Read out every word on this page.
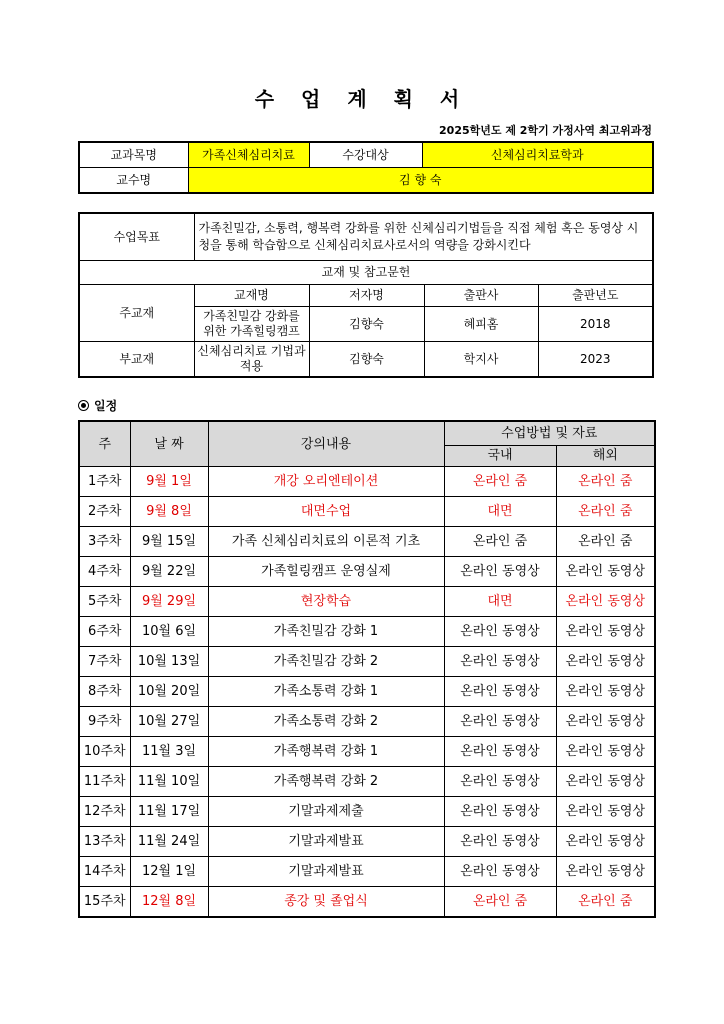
수 업 계 획 서
2025학년도 제 2학기 가정사역 최고위과정
교과목명	가족신체심리치료	수강대상	신체심리치료학과
교수명	김 향 숙		
수업목표	가족친밀감, 소통력, 행복력 강화를 위한 신체심리기법들을 직접 체험 혹은 동영상 시청을 통해 학습함으로 신체심리치료사로서의 역량을 강화시킨다			
교재 및 참고문헌				
주교재	교재명	저자명	출판사	출판년도
	가족친밀감 강화를 위한 가족힐링캠프	김향숙	혜피홈	2018
부교재	신체심리치료 기법과 적용	김향숙	학지사	2023
일정
주	날 짜	강의내용	수업방법 및 자료	
			국내	해외
1주차	9월 1일	개강 오리엔테이션	온라인 줌	온라인 줌
2주차	9월 8일	대면수업	대면	온라인 줌
3주차	9월 15일	가족 신체심리치료의 이론적 기초	온라인 줌	온라인 줌
4주차	9월 22일	가족힐링캠프 운영실제	온라인 동영상	온라인 동영상
5주차	9월 29일	현장학습	대면	온라인 동영상
6주차	10월 6일	가족친밀감 강화 1	온라인 동영상	온라인 동영상
7주차	10월 13일	가족친밀감 강화 2	온라인 동영상	온라인 동영상
8주차	10월 20일	가족소통력 강화 1	온라인 동영상	온라인 동영상
9주차	10월 27일	가족소통력 강화 2	온라인 동영상	온라인 동영상
10주차	11월 3일	가족행복력 강화 1	온라인 동영상	온라인 동영상
11주차	11월 10일	가족행복력 강화 2	온라인 동영상	온라인 동영상
12주차	11월 17일	기말과제제출	온라인 동영상	온라인 동영상
13주차	11월 24일	기말과제발표	온라인 동영상	온라인 동영상
14주차	12월 1일	기말과제발표	온라인 동영상	온라인 동영상
15주차	12월 8일	종강 및 졸업식	온라인 줌	온라인 줌
